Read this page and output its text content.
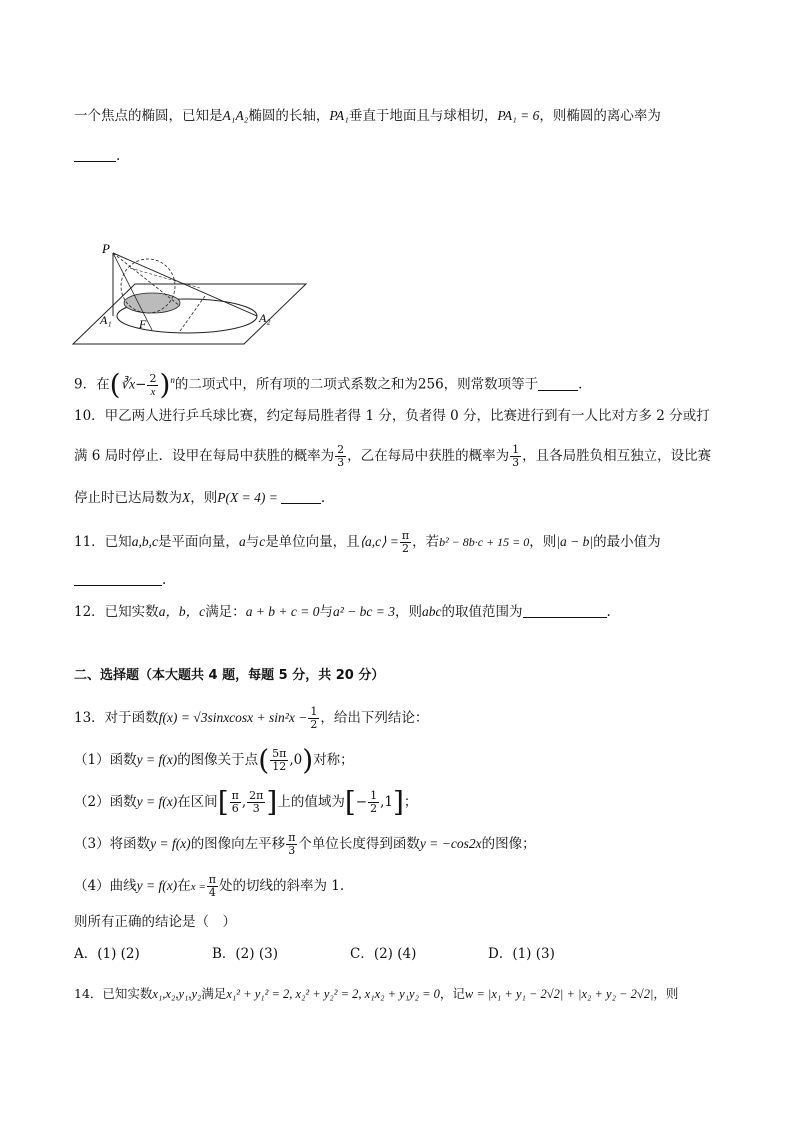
一个焦点的椭圆，已知是A₁A₂椭圆的长轴，PA₁垂直于地面且与球相切，PA₁ = 6，则椭圆的离心率为
.
P
A₁ F	A₂
9．在(∛x− $\frac{2}{x} )^n$的二项式中，所有项的二项式系数之和为256，则常数项等于	.
10．甲乙两人进行乒乓球比赛，约定每局胜者得 1 分，负者得 0 分，比赛进行到有一人比对方多 2 分或打
满 6 局时停止．设甲在每局中获胜的概率为 $\frac{2}{3}$ ，乙在每局中获胜的概率为 $\frac{1}{3}$ ，且各局胜负相互独立，设比赛
停止时已达局数为X，则P(X = 4) =	.
11．已知a,b,c是平面向量，a与c是单位向量，且⟨a,c⟩ = $\frac{\pi}{2}$ ，若b² − 8b·c + 15 = 0，则|a − b|的最小值为
.
12．已知实数a，b，c满足：a + b + c = 0与a² − bc = 3，则abc的取值范围为	.
二、选择题（本大题共 4 题，每题 5 分，共 20 分）
13．对于函数f(x) = √3sinxcosx + $\sin^2x - \frac{1}{2}$ ，给出下列结论：
（1）函数y = f(x)的图像关于点( $\frac{5\pi}{12} ,0$)对称；
（2）函数y = f(x)在区间[ $\frac{\pi}{6}$ , $\frac{2\pi}{3}$ ]上的值域为[− $\frac{1}{2} ,1$]；
（3）将函数y = f(x)的图像向左平移 $\frac{\pi}{3}$ 个单位长度得到函数y = −cos2x的图像；
（4）曲线y = f(x)在$x = \frac{\pi}{4}$ 处的切线的斜率为 1.
则所有正确的结论是（　）
A．(1) (2)	B．(2) (3)	C．(2) (4)	D．(1) (3)
14．已知实数x₁,x₂,y₁,y₂满足x₁² + y₁² = 2, x₂² + y₂² = 2, x₁x₂ + y₁y₂ = 0，记w = |x₁ + y₁ − 2√2| + |x₂ + y₂ − 2√2|，则
